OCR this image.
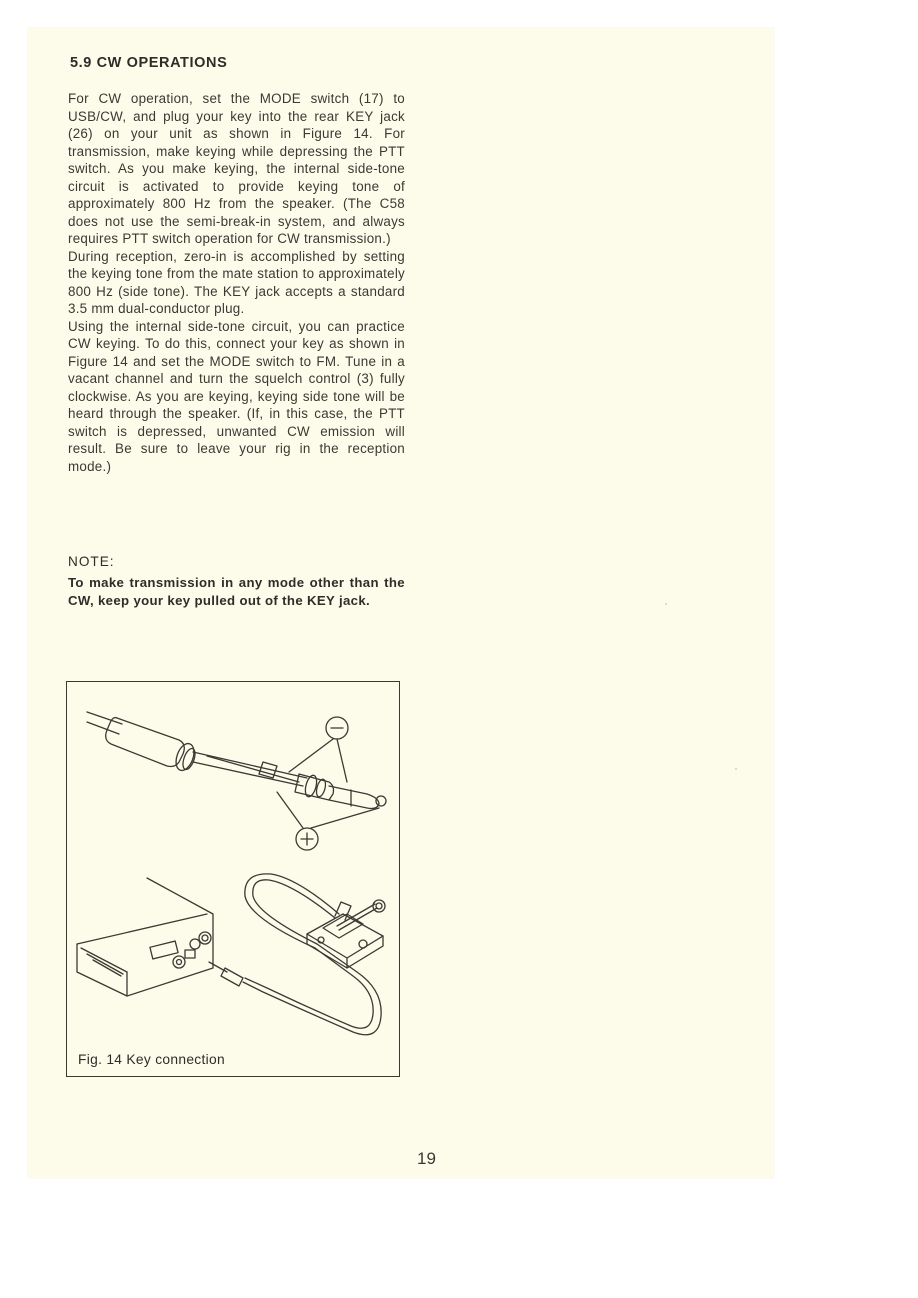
5.9 CW OPERATIONS

For CW operation, set the MODE switch (17) to USB/CW, and plug your key into the rear KEY jack (26) on your unit as shown in Figure 14. For transmission, make keying while depressing the PTT switch. As you make keying, the internal side-tone circuit is activated to provide keying tone of approximately 800 Hz from the speaker. (The C58 does not use the semi-break-in system, and always requires PTT switch operation for CW transmission.)

During reception, zero-in is accomplished by setting the keying tone from the mate station to approximately 800 Hz (side tone). The KEY jack accepts a standard 3.5 mm dual-conductor plug.

Using the internal side-tone circuit, you can practice CW keying. To do this, connect your key as shown in Figure 14 and set the MODE switch to FM. Tune in a vacant channel and turn the squelch control (3) fully clockwise. As you are keying, keying side tone will be heard through the speaker. (If, in this case, the PTT switch is depressed, unwanted CW emission will result. Be sure to leave your rig in the reception mode.)

NOTE:
To make transmission in any mode other than the CW, keep your key pulled out of the KEY jack.
Fig. 14 Key connection
19
